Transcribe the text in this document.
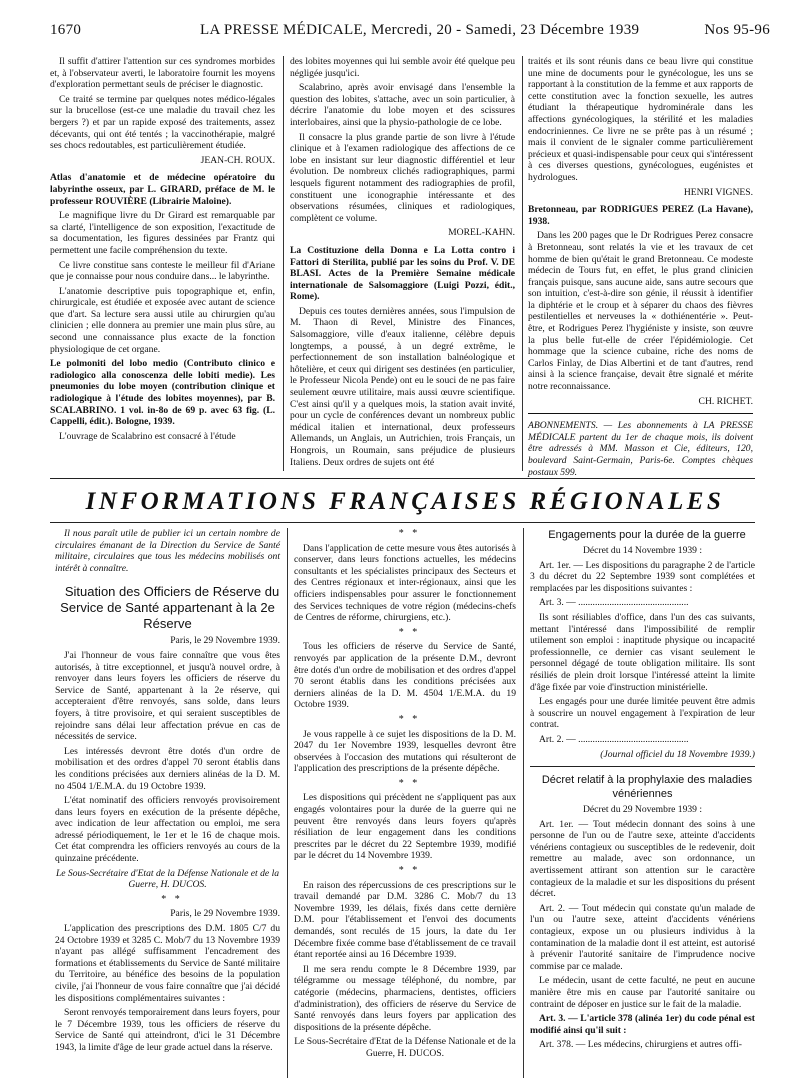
1670	LA PRESSE MÉDICALE, Mercredi, 20 - Samedi, 23 Décembre 1939	Nos 95-96

Il suffit d'attirer l'attention sur ces syndromes morbides et, à l'observateur averti, le laboratoire fournit les moyens d'exploration permettant seuls de préciser le diagnostic.

Ce traité se termine par quelques notes médico-légales sur la brucellose (est-ce une maladie du travail chez les bergers ?) et par un rapide exposé des traitements, assez décevants, qui ont été tentés ; la vaccinothérapie, malgré ses chocs redoutables, est particulièrement étudiée.

JEAN-CH. ROUX.

Atlas d'anatomie et de médecine opératoire du labyrinthe osseux, par L. GIRARD, préface de M. le professeur ROUVIÈRE (Librairie Maloine).

Le magnifique livre du Dr Girard est remarquable par sa clarté, l'intelligence de son exposition, l'exactitude de sa documentation, les figures dessinées par Frantz qui permettent une facile compréhension du texte.

Ce livre constitue sans conteste le meilleur fil d'Ariane que je connaisse pour nous conduire dans... le labyrinthe.

L'anatomie descriptive puis topographique et, enfin, chirurgicale, est étudiée et exposée avec autant de science que d'art. Sa lecture sera aussi utile au chirurgien qu'au clinicien ; elle donnera au premier une main plus sûre, au second une connaissance plus exacte de la fonction physiologique de cet organe.

Le polmoniti del lobo medio (Contributo clinico e radiologico alla conoscenza delle lobiti medie). Les pneumonies du lobe moyen (contribution clinique et radiologique à l'étude des lobites moyennes), par B. SCALABRINO. 1 vol. in-8o de 69 p. avec 63 fig. (L. Cappelli, édit.). Bologne, 1939.

L'ouvrage de Scalabrino est consacré à l'étude

des lobites moyennes qui lui semble avoir été quelque peu négligée jusqu'ici.

Scalabrino, après avoir envisagé dans l'ensemble la question des lobites, s'attache, avec un soin particulier, à décrire l'anatomie du lobe moyen et des scissures interlobaires, ainsi que la physio-pathologie de ce lobe.

Il consacre la plus grande partie de son livre à l'étude clinique et à l'examen radiologique des affections de ce lobe en insistant sur leur diagnostic différentiel et leur évolution. De nombreux clichés radiographiques, parmi lesquels figurent notamment des radiographies de profil, constituent une iconographie intéressante et des observations résumées, cliniques et radiologiques, complètent ce volume.

MOREL-KAHN.

La Costituzione della Donna e La Lotta contro i Fattori di Sterilita, publié par les soins du Prof. V. DE BLASI. Actes de la Première Semaine médicale internationale de Salsomaggiore (Luigi Pozzi, édit., Rome).

Depuis ces toutes dernières années, sous l'impulsion de M. Thaon di Revel, Ministre des Finances, Salsomaggiore, ville d'eaux italienne, célèbre depuis longtemps, a poussé, à un degré extrême, le perfectionnement de son installation balnéologique et hôtelière, et ceux qui dirigent ses destinées (en particulier, le Professeur Nicola Pende) ont eu le souci de ne pas faire seulement œuvre utilitaire, mais aussi œuvre scientifique. C'est ainsi qu'il y a quelques mois, la station avait invité, pour un cycle de conférences devant un nombreux public médical italien et international, deux professeurs Allemands, un Anglais, un Autrichien, trois Français, un Hongrois, un Roumain, sans préjudice de plusieurs Italiens. Deux ordres de sujets ont été

traités et ils sont réunis dans ce beau livre qui constitue une mine de documents pour le gynécologue, les uns se rapportant à la constitution de la femme et aux rapports de cette constitution avec la fonction sexuelle, les autres étudiant la thérapeutique hydrominérale dans les affections gynécologiques, la stérilité et les maladies endocriniennes. Ce livre ne se prête pas à un résumé ; mais il convient de le signaler comme particulièrement précieux et quasi-indispensable pour ceux qui s'intéressent à ces diverses questions, gynécologues, eugénistes et hydrologues.

HENRI VIGNES.

Bretonneau, par RODRIGUES PEREZ (La Havane), 1938.

Dans les 200 pages que le Dr Rodrigues Perez consacre à Bretonneau, sont relatés la vie et les travaux de cet homme de bien qu'était le grand Bretonneau. Ce modeste médecin de Tours fut, en effet, le plus grand clinicien français puisque, sans aucune aide, sans autre secours que son intuition, c'est-à-dire son génie, il réussit à identifier la diphtérie et le croup et à séparer du chaos des fièvres pestilentielles et nerveuses la « dothiénentérie ». Peut-être, et Rodrigues Perez l'hygiéniste y insiste, son œuvre la plus belle fut-elle de créer l'épidémiologie. Cet hommage que la science cubaine, riche des noms de Carlos Finlay, de Dias Albertini et de tant d'autres, rend ainsi à la science française, devait être signalé et mérite notre reconnaissance.

CH. RICHET.

ABONNEMENTS. — Les abonnements à LA PRESSE MÉDICALE partent du 1er de chaque mois, ils doivent être adressés à MM. Masson et Cie, éditeurs, 120, boulevard Saint-Germain, Paris-6e. Comptes chèques postaux 599.

INFORMATIONS FRANÇAISES RÉGIONALES

Il nous paraît utile de publier ici un certain nombre de circulaires émanant de la Direction du Service de Santé militaire, circulaires que tous les médecins mobilisés ont intérêt à connaître.

Situation des Officiers de Réserve du Service de Santé appartenant à la 2e Réserve

Paris, le 29 Novembre 1939.

J'ai l'honneur de vous faire connaître que vous êtes autorisés, à titre exceptionnel, et jusqu'à nouvel ordre, à renvoyer dans leurs foyers les officiers de réserve du Service de Santé, appartenant à la 2e réserve, qui accepteraient d'être renvoyés, sans solde, dans leurs foyers, à titre provisoire, et qui seraient susceptibles de rejoindre sans délai leur affectation prévue en cas de nécessités de service.

Les intéressés devront être dotés d'un ordre de mobilisation et des ordres d'appel 70 seront établis dans les conditions précisées aux derniers alinéas de la D. M. no 4504 1/E.M.A. du 19 Octobre 1939.

L'état nominatif des officiers renvoyés provisoirement dans leurs foyers en exécution de la présente dépêche, avec indication de leur affectation ou emploi, me sera adressé périodiquement, le 1er et le 16 de chaque mois. Cet état comprendra les officiers renvoyés au cours de la quinzaine précédente.

Le Sous-Secrétaire d'Etat de la Défense Nationale et de la Guerre, H. DUCOS.

* *

Paris, le 29 Novembre 1939.

L'application des prescriptions des D.M. 1805 C/7 du 24 Octobre 1939 et 3285 C. Mob/7 du 13 Novembre 1939 n'ayant pas allégé suffisamment l'encadrement des formations et établissements du Service de Santé militaire du Territoire, au bénéfice des besoins de la population civile, j'ai l'honneur de vous faire connaître que j'ai décidé les dispositions complémentaires suivantes :

Seront renvoyés temporairement dans leurs foyers, pour le 7 Décembre 1939, tous les officiers de réserve du Service de Santé qui atteindront, d'ici le 31 Décembre 1943, la limite d'âge de leur grade actuel dans la réserve.

* *

Dans l'application de cette mesure vous êtes autorisés à conserver, dans leurs fonctions actuelles, les médecins consultants et les spécialistes principaux des Secteurs et des Centres régionaux et inter-régionaux, ainsi que les officiers indispensables pour assurer le fonctionnement des Services techniques de votre région (médecins-chefs de Centres de réforme, chirurgiens, etc.).

* *

Tous les officiers de réserve du Service de Santé, renvoyés par application de la présente D.M., devront être dotés d'un ordre de mobilisation et des ordres d'appel 70 seront établis dans les conditions précisées aux derniers alinéas de la D. M. 4504 1/E.M.A. du 19 Octobre 1939.

* *

Je vous rappelle à ce sujet les dispositions de la D. M. 2047 du 1er Novembre 1939, lesquelles devront être observées à l'occasion des mutations qui résulteront de l'application des prescriptions de la présente dépêche.

* *

Les dispositions qui précèdent ne s'appliquent pas aux engagés volontaires pour la durée de la guerre qui ne peuvent être renvoyés dans leurs foyers qu'après résiliation de leur engagement dans les conditions prescrites par le décret du 22 Septembre 1939, modifié par le décret du 14 Novembre 1939.

* *

En raison des répercussions de ces prescriptions sur le travail demandé par D.M. 3286 C. Mob/7 du 13 Novembre 1939, les délais, fixés dans cette dernière D.M. pour l'établissement et l'envoi des documents demandés, sont reculés de 15 jours, la date du 1er Décembre fixée comme base d'établissement de ce travail étant reportée ainsi au 16 Décembre 1939.

Il me sera rendu compte le 8 Décembre 1939, par télégramme ou message téléphoné, du nombre, par catégorie (médecins, pharmaciens, dentistes, officiers d'administration), des officiers de réserve du Service de Santé renvoyés dans leurs foyers par application des dispositions de la présente dépêche.

Le Sous-Secrétaire d'Etat de la Défense Nationale et de la Guerre, H. DUCOS.

Engagements pour la durée de la guerre

Décret du 14 Novembre 1939 :

Art. 1er. — Les dispositions du paragraphe 2 de l'article 3 du décret du 22 Septembre 1939 sont complétées et remplacées par les dispositions suivantes :

Art. 3. — ..............................................

Ils sont résiliables d'office, dans l'un des cas suivants, mettant l'intéressé dans l'impossibilité de remplir utilement son emploi : inaptitude physique ou incapacité professionnelle, ce dernier cas visant seulement le personnel dégagé de toute obligation militaire. Ils sont résiliés de plein droit lorsque l'intéressé atteint la limite d'âge fixée par voie d'instruction ministérielle.

Les engagés pour une durée limitée peuvent être admis à souscrire un nouvel engagement à l'expiration de leur contrat.

Art. 2. — ..............................................

(Journal officiel du 18 Novembre 1939.)

Décret relatif à la prophylaxie des maladies vénériennes

Décret du 29 Novembre 1939 :

Art. 1er. — Tout médecin donnant des soins à une personne de l'un ou de l'autre sexe, atteinte d'accidents vénériens contagieux ou susceptibles de le redevenir, doit remettre au malade, avec son ordonnance, un avertissement attirant son attention sur le caractère contagieux de la maladie et sur les dispositions du présent décret.

Art. 2. — Tout médecin qui constate qu'un malade de l'un ou l'autre sexe, atteint d'accidents vénériens contagieux, expose un ou plusieurs individus à la contamination de la maladie dont il est atteint, est autorisé à prévenir l'autorité sanitaire de l'imprudence nocive commise par ce malade.

Le médecin, usant de cette faculté, ne peut en aucune manière être mis en cause par l'autorité sanitaire ou contraint de déposer en justice sur le fait de la maladie.

Art. 3. — L'article 378 (alinéa 1er) du code pénal est modifié ainsi qu'il suit :

Art. 378. — Les médecins, chirurgiens et autres offi-
